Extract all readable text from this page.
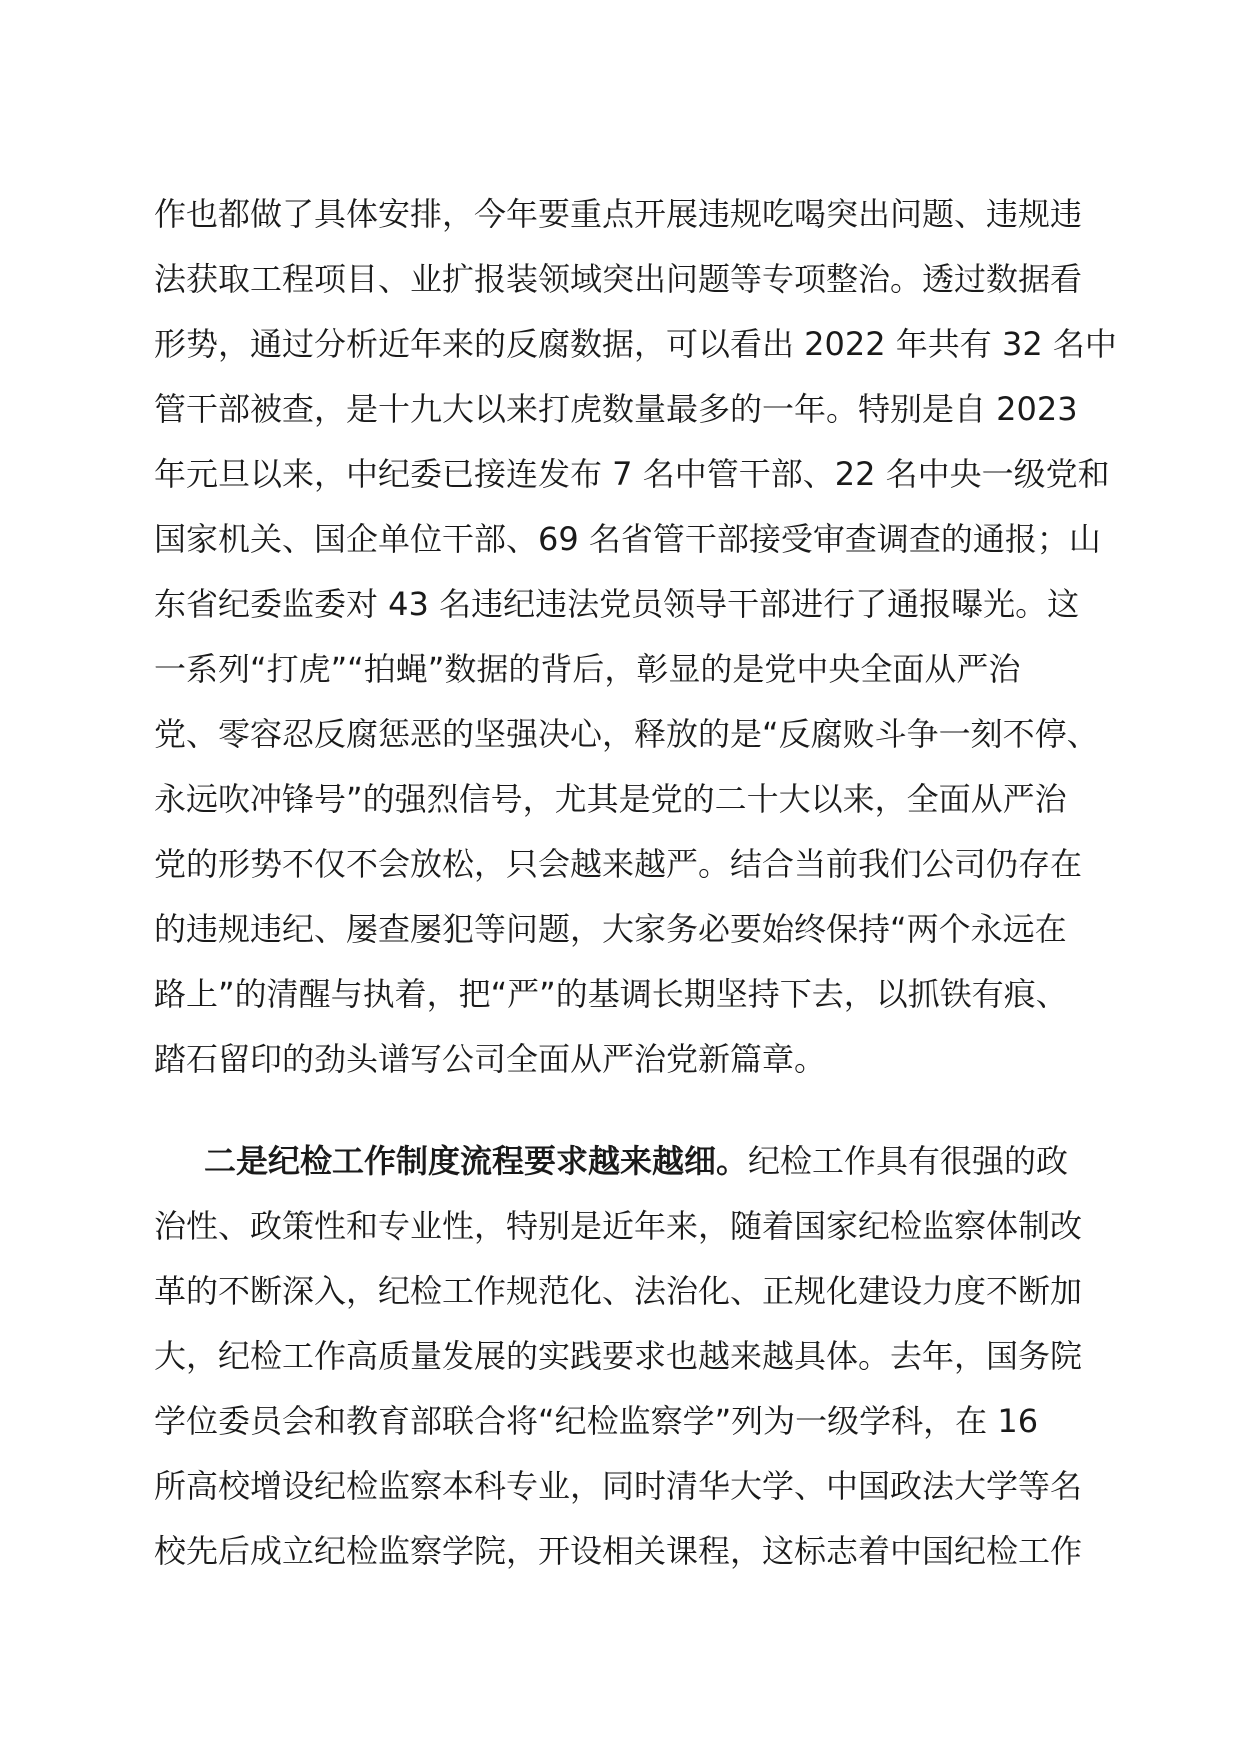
作也都做了具体安排，今年要重点开展违规吃喝突出问题、违规违
法获取工程项目、业扩报装领域突出问题等专项整治。透过数据看
形势，通过分析近年来的反腐数据，可以看出 2022 年共有 32 名中
管干部被查，是十九大以来打虎数量最多的一年。特别是自 2023
年元旦以来，中纪委已接连发布 7 名中管干部、22 名中央一级党和
国家机关、国企单位干部、69 名省管干部接受审查调查的通报；山
东省纪委监委对 43 名违纪违法党员领导干部进行了通报曝光。这
一系列“打虎”“拍蝇”数据的背后，彰显的是党中央全面从严治
党、零容忍反腐惩恶的坚强决心，释放的是“反腐败斗争一刻不停、
永远吹冲锋号”的强烈信号，尤其是党的二十大以来，全面从严治
党的形势不仅不会放松，只会越来越严。结合当前我们公司仍存在
的违规违纪、屡查屡犯等问题，大家务必要始终保持“两个永远在
路上”的清醒与执着，把“严”的基调长期坚持下去，以抓铁有痕、
踏石留印的劲头谱写公司全面从严治党新篇章。
二是纪检工作制度流程要求越来越细。纪检工作具有很强的政
治性、政策性和专业性，特别是近年来，随着国家纪检监察体制改
革的不断深入，纪检工作规范化、法治化、正规化建设力度不断加
大，纪检工作高质量发展的实践要求也越来越具体。去年，国务院
学位委员会和教育部联合将“纪检监察学”列为一级学科，在 16
所高校增设纪检监察本科专业，同时清华大学、中国政法大学等名
校先后成立纪检监察学院，开设相关课程，这标志着中国纪检工作
